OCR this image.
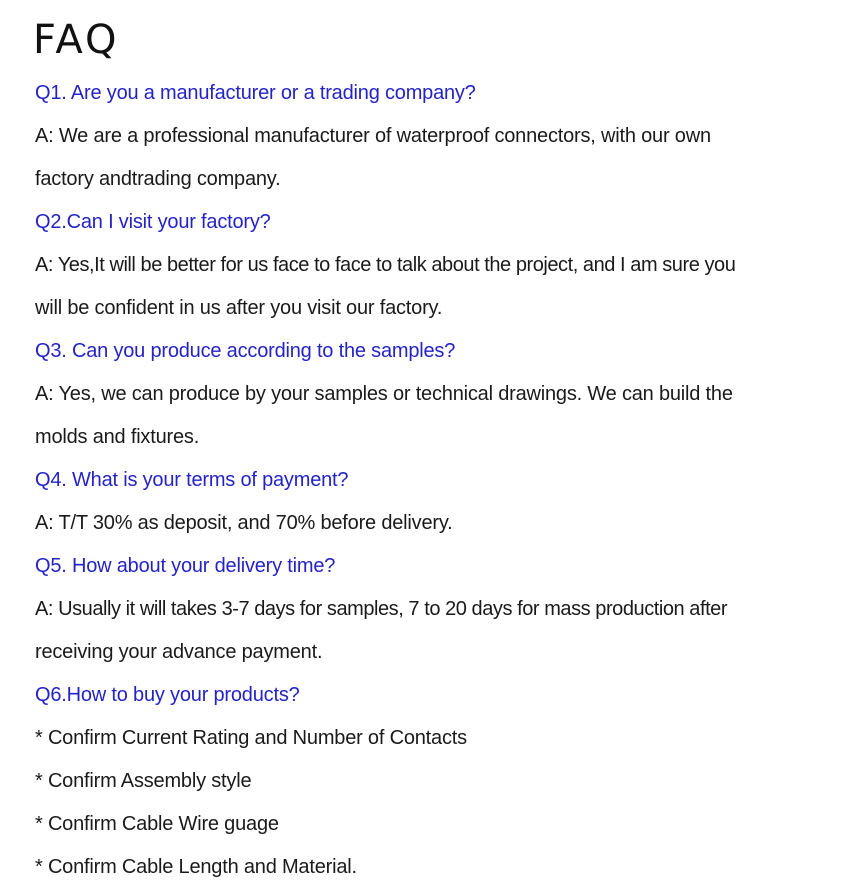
FAQ

Q1. Are you a manufacturer or a trading company?

A: We are a professional manufacturer of waterproof connectors, with our own

factory andtrading company.

Q2.Can I visit your factory?

A: Yes,It will be better for us face to face to talk about the project, and I am sure you

will be confident in us after you visit our factory.

Q3. Can you produce according to the samples?

A: Yes, we can produce by your samples or technical drawings. We can build the

molds and fixtures.

Q4. What is your terms of payment?

A: T/T 30% as deposit, and 70% before delivery.

Q5. How about your delivery time?

A: Usually it will takes 3-7 days for samples, 7 to 20 days for mass production after

receiving your advance payment.

Q6.How to buy your products?

* Confirm Current Rating and Number of Contacts

* Confirm Assembly style

* Confirm Cable Wire guage

* Confirm Cable Length and Material.
